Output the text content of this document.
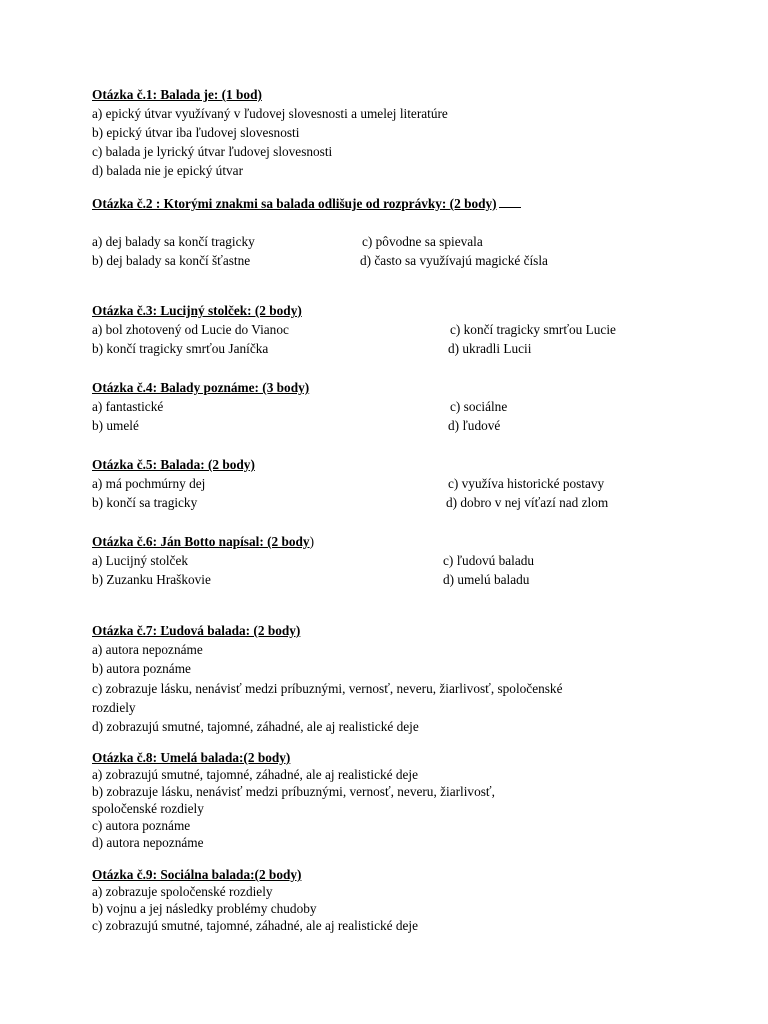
Otázka č.1: Balada je: (1 bod)
a) epický útvar využívaný v ľudovej slovesnosti a umelej literatúre
b) epický útvar iba ľudovej slovesnosti
c) balada je lyrický útvar ľudovej slovesnosti
d) balada nie je epický útvar
Otázka č.2 : Ktorými znakmi sa balada odlišuje od rozprávky: (2 body)
a) dej balady sa končí tragicky
b) dej balady sa končí šťastne
c) pôvodne sa spievala
d) často sa využívajú magické čísla
Otázka č.3: Lucijný stolček: (2 body)
a) bol zhotovený od Lucie do Vianoc
b) končí tragicky smrťou Janíčka
c) končí tragicky smrťou Lucie
d) ukradli Lucii
Otázka č.4: Balady poznáme: (3 body)
a) fantastické
b) umelé
c) sociálne
d) ľudové
Otázka č.5: Balada: (2 body)
a) má pochmúrny dej
b) končí sa tragicky
c) využíva historické postavy
d) dobro v nej víťazí nad zlom
Otázka č.6: Ján Botto napísal: (2 body)
a) Lucijný stolček
b) Zuzanku Hraškovie
c) ľudovú baladu
d) umelú baladu
Otázka č.7: Ľudová balada: (2 body)
a) autora nepoznáme
b) autora poznáme
c) zobrazuje lásku, nenávisť medzi príbuznými, vernosť, neveru, žiarlivosť, spoločenské
rozdiely
d) zobrazujú smutné, tajomné, záhadné, ale aj realistické deje
Otázka č.8: Umelá balada:(2 body)
a) zobrazujú smutné, tajomné, záhadné, ale aj realistické deje
b) zobrazuje lásku, nenávisť medzi príbuznými, vernosť, neveru, žiarlivosť,
spoločenské rozdiely
c) autora poznáme
d) autora nepoznáme
Otázka č.9: Sociálna balada:(2 body)
a) zobrazuje spoločenské rozdiely
b) vojnu a jej následky problémy chudoby
c) zobrazujú smutné, tajomné, záhadné, ale aj realistické deje
